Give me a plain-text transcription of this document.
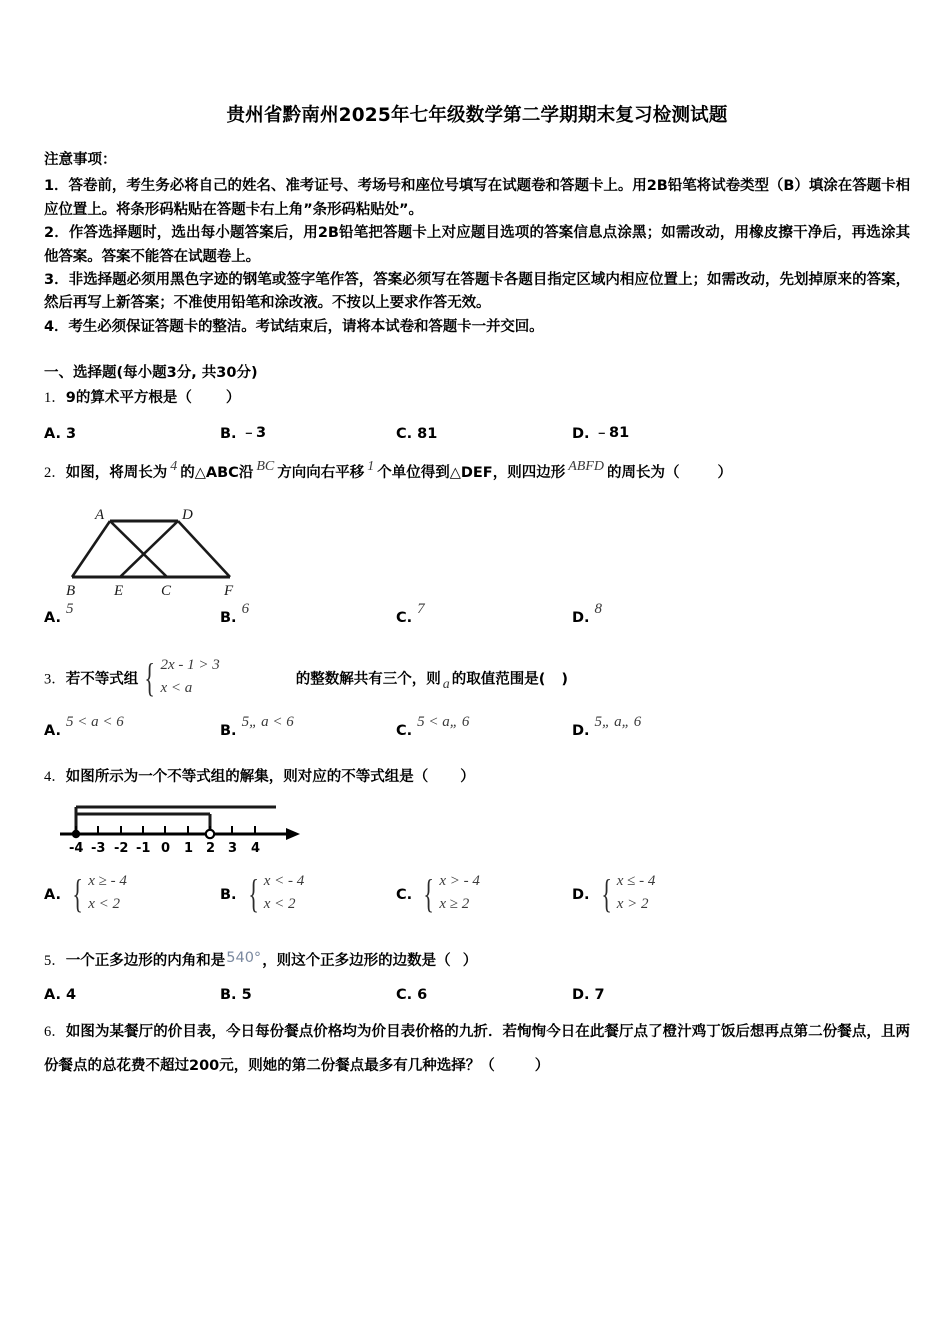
贵州省黔南州2025年七年级数学第二学期期末复习检测试题
注意事项：

1．答卷前，考生务必将自己的姓名、准考证号、考场号和座位号填写在试题卷和答题卡上。用2B铅笔将试卷类型（B）填涂在答题卡相应位置上。将条形码粘贴在答题卡右上角”条形码粘贴处”。

2．作答选择题时，选出每小题答案后，用2B铅笔把答题卡上对应题目选项的答案信息点涂黑；如需改动，用橡皮擦干净后，再选涂其他答案。答案不能答在试题卷上。

3．非选择题必须用黑色字迹的钢笔或签字笔作答，答案必须写在答题卡各题目指定区域内相应位置上；如需改动，先划掉原来的答案，然后再写上新答案；不准使用铅笔和涂改液。不按以上要求作答无效。

4．考生必须保证答题卡的整洁。考试结束后，请将本试卷和答题卡一并交回。

一、选择题(每小题3分, 共30分)

1．9的算术平方根是（ ）

A. 3	B. ﹣3	C. 81	D. ﹣81

2．如图，将周长为 4 的△ABC沿 BC 方向向右平移 1 个单位得到△DEF，则四边形 ABFD 的周长为（	）

A	D
B	E	C	F
A.
5
B.
6
C.
7
D.
8

3．若不等式组 { 2x - 1 > 3
x < a
的整数解共有三个，则 a 的取值范围是( )

A.
5 < a < 6
B.
5„ a < 6
C.
5 < a„ 6
D.
5„ a„ 6

4．如图所示为一个不等式组的解集，则对应的不等式组是（ ）

-4 -3 -2 -1 0 1 2 3 4
A. { x ≥ - 4
x < 2
B. { x < - 4
x < 2
C. { x > - 4
x ≥ 2
D. { x ≤ - 4
x > 2

5．一个正多边形的内角和是540°，则这个正多边形的边数是（ ）

A. 4	B. 5	C. 6	D. 7

6．如图为某餐厅的价目表，今日每份餐点价格均为价目表价格的九折．若恂恂今日在此餐厅点了橙汁鸡丁饭后想再点第二份餐点，且两份餐点的总花费不超过200元，则她的第二份餐点最多有几种选择？（	）
